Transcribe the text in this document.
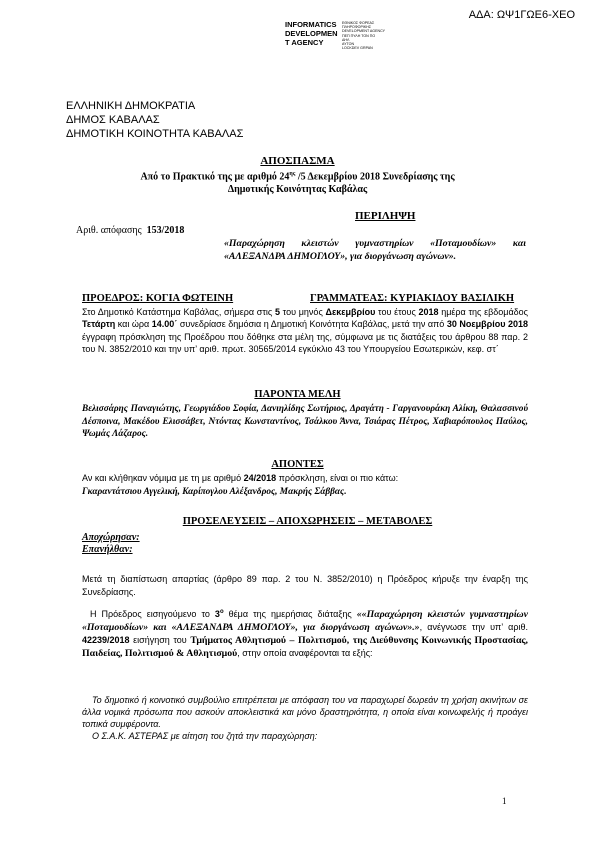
ΑΔΑ: ΩΨ1ΓΩΕ6-ΧΕΟ
INFORMATICS
DEVELOPMEN
T AGENCY
ΕΘΝΙΚΟΣ ΦΟΡΕΑΣ
ΠΛΗΡΟΦΟΡΙΚΗΣ
DEVELOPMENT AGENCY
ΠΕΠ ΠΥΛΗ ΤΟΝ ΠΟ
ΔΗΛ
ΑΥΤΟΝ
LOCKDEV GRPAN
ΕΛΛΗΝΙΚΗ ΔΗΜΟΚΡΑΤΙΑ
ΔΗΜΟΣ ΚΑΒΑΛΑΣ
ΔΗΜΟΤΙΚΗ ΚΟΙΝΟΤΗΤΑ ΚΑΒΑΛΑΣ
ΑΠΟΣΠΑΣΜΑ
Από το Πρακτικό της με αριθμό $24^{\eta\varsigma}$ /5 Δεκεμβρίου 2018 Συνεδρίασης της
Δημοτικής Κοινότητας Καβάλας
ΠΕΡΙΛΗΨΗ
Αριθ. απόφασης 153/2018
«Παραχώρηση κλειστών γυμναστηρίων «Ποταμουδίων» και
«ΑΛΕΞΑΝΔΡΑ ΔΗΜΟΓΛΟΥ», για διοργάνωση αγώνων».
ΠΡΟΕΔΡΟΣ: ΚΟΓΙΑ ΦΩΤΕΙΝΗ	ΓΡΑΜΜΑΤΕΑΣ: ΚΥΡΙΑΚΙΔΟΥ ΒΑΣΙΛΙΚΗ
Στο Δημοτικό Κατάστημα Καβάλας, σήμερα στις 5 του μηνός Δεκεμβρίου του έτους 2018 ημέρα της εβδομάδος Τετάρτη και ώρα 14.00΄ συνεδρίασε δημόσια η Δημοτική Κοινότητα Καβάλας, μετά την από 30 Νοεμβρίου 2018 έγγραφη πρόσκληση της Προέδρου που δόθηκε στα μέλη της, σύμφωνα με τις διατάξεις του άρθρου 88 παρ. 2 του Ν. 3852/2010 και την υπ’ αριθ. πρωτ. 30565/2014 εγκύκλιο 43 του Υπουργείου Εσωτερικών, κεφ. στ΄
ΠΑΡΟΝΤΑ ΜΕΛΗ
Βελισσάρης Παναγιώτης, Γεωργιάδου Σοφία, Δανιηλίδης Σωτήριος, Δραγάτη - Γαργανουράκη Αλίκη, Θαλασσινού Δέσποινα, Μακέδου Ελισσάβετ, Ντόντας Κωνσταντίνος, Τσάλκου Άννα, Τσιάρας Πέτρος, Χαβιαρόπουλος Παύλος, Ψωμάς Λάζαρος.
ΑΠΟΝΤΕΣ
Αν και κλήθηκαν νόμιμα με τη με αριθμό 24/2018 πρόσκληση, είναι οι πιο κάτω:
Γκαραντάτσιου Αγγελική, Καρίπογλου Αλέξανδρος, Μακρής Σάββας.
ΠΡΟΣΕΛΕΥΣΕΙΣ – ΑΠΟΧΩΡΗΣΕΙΣ – ΜΕΤΑΒΟΛΕΣ
Αποχώρησαν:
Επανήλθαν:
Μετά τη διαπίστωση απαρτίας (άρθρο 89 παρ. 2 του Ν. 3852/2010) η Πρόεδρος κήρυξε την έναρξη της Συνεδρίασης.
Η Πρόεδρος εισηγούμενο το $3^o$ θέμα της ημερήσιας διάταξης ««Παραχώρηση κλειστών γυμναστηρίων «Ποταμουδίων» και «ΑΛΕΞΑΝΔΡΑ ΔΗΜΟΓΛΟΥ», για διοργάνωση αγώνων».», ανέγνωσε την υπ’ αριθ. 42239/2018 εισήγηση του Τμήματος Αθλητισμού – Πολιτισμού, της Διεύθυνσης Κοινωνικής Προστασίας, Παιδείας, Πολιτισμού & Αθλητισμού, στην οποία αναφέρονται τα εξής:
Το δημοτικό ή κοινοτικό συμβούλιο επιτρέπεται με απόφαση του να παραχωρεί δωρεάν τη χρήση ακινήτων σε άλλα νομικά πρόσωπα που ασκούν αποκλειστικά και μόνο δραστηριότητα, η οποία είναι κοινωφελής ή προάγει τοπικά συμφέροντα.
Ο Σ.Α.Κ. ΑΣΤΕΡΑΣ με αίτηση του ζητά την παραχώρηση:
1
